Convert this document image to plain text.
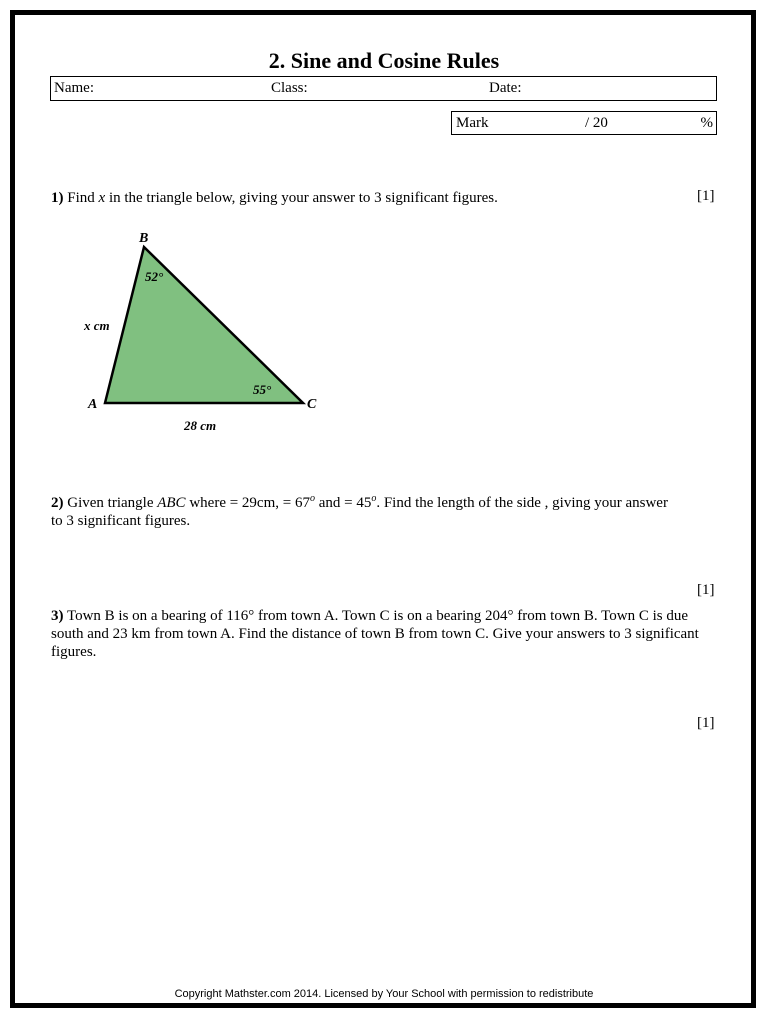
2. Sine and Cosine Rules
Name:	Class:	Date:
Mark	/ 20	%
1) Find x in the triangle below, giving your answer to 3 significant figures.	[1]
B
A	C
x cm
28 cm
52°
55°
2) Given triangle ABC where = 29cm, = $67^o$ and = $45^o$. Find the length of the side , giving your answer
to 3 significant figures.
[1]
3) Town B is on a bearing of 116° from town A. Town C is on a bearing 204° from town B. Town C is due south and 23 km from town A. Find the distance of town B from town C. Give your answers to 3 significant figures.
[1]
Copyright Mathster.com 2014. Licensed by Your School with permission to redistribute
